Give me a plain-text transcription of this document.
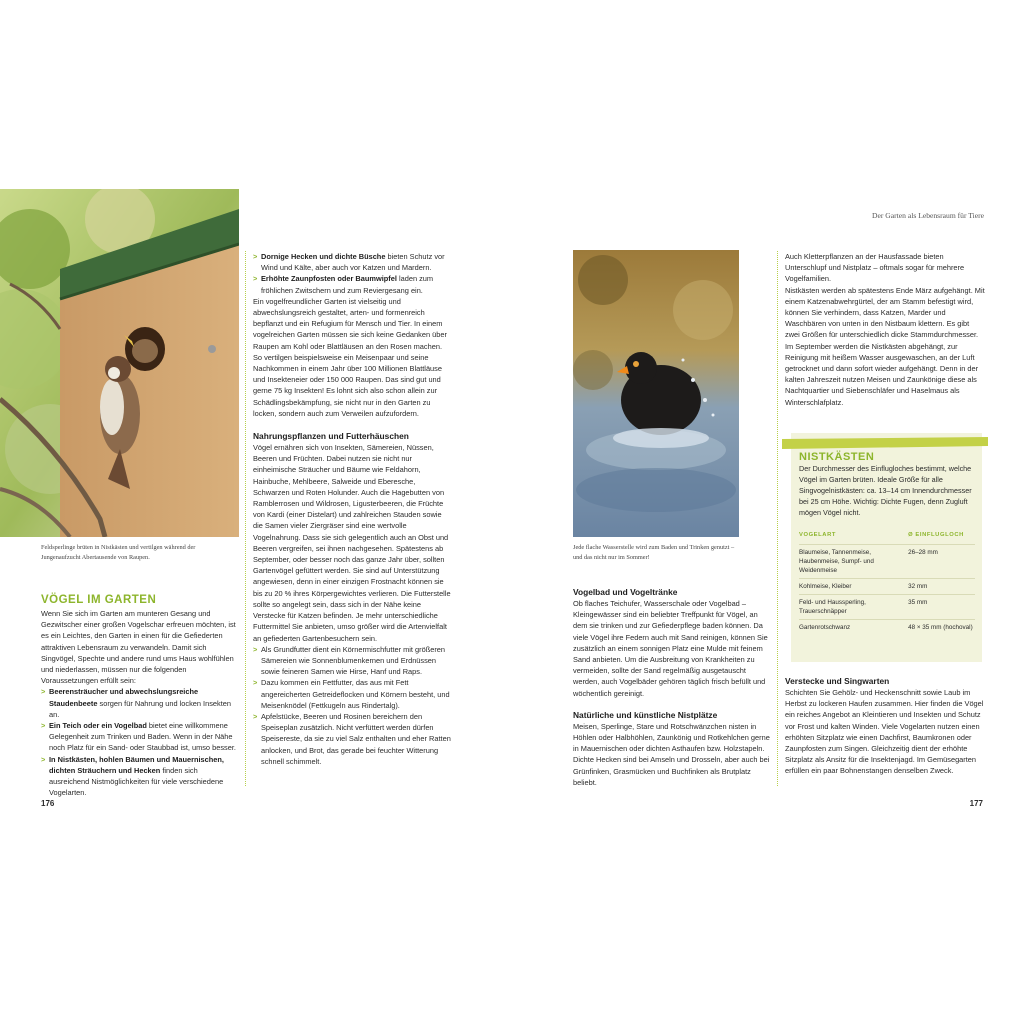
Feldsperlinge brüten in Nistkästen und vertilgen während der Jungenaufzucht Abertausende von Raupen.
VÖGEL IM GARTEN

Wenn Sie sich im Garten am munteren Gesang und Gezwitscher einer großen Vogelschar erfreuen möchten, ist es ein Leichtes, den Garten in einen für die Gefiederten attraktiven Lebensraum zu verwandeln. Damit sich Singvögel, Spechte und andere rund ums Haus wohlfühlen und niederlassen, müssen nur die folgenden Voraussetzungen erfüllt sein:

> Beerensträucher und abwechslungsreiche Staudenbeete sorgen für Nahrung und locken Insekten an.

> Ein Teich oder ein Vogelbad bietet eine willkommene Gelegenheit zum Trinken und Baden. Wenn in der Nähe noch Platz für ein Sand- oder Staubbad ist, umso besser.

> In Nistkästen, hohlen Bäumen und Mauernischen, dichten Sträuchern und Hecken finden sich ausreichend Nistmöglichkeiten für viele verschiedene Vogelarten.

> Dornige Hecken und dichte Büsche bieten Schutz vor Wind und Kälte, aber auch vor Katzen und Mardern.

> Erhöhte Zaunpfosten oder Baumwipfel laden zum fröhlichen Zwitschern und zum Reviergesang ein.

Ein vogelfreundlicher Garten ist vielseitig und abwechslungsreich gestaltet, arten- und formenreich bepflanzt und ein Refugium für Mensch und Tier. In einem vogelreichen Garten müssen sie sich keine Gedanken über Raupen am Kohl oder Blattläusen an den Rosen machen. So vertilgen beispielsweise ein Meisenpaar und seine Nachkommen in einem Jahr über 100 Millionen Blattläuse und Insekteneier oder 150 000 Raupen. Das sind gut und gerne 75 kg Insekten! Es lohnt sich also schon allein zur Schädlingsbekämpfung, sie nicht nur in den Garten zu locken, sondern auch zum Verweilen aufzufordern.

Nahrungspflanzen und Futterhäuschen

Vögel ernähren sich von Insekten, Sämereien, Nüssen, Beeren und Früchten. Dabei nutzen sie nicht nur einheimische Sträucher und Bäume wie Feldahorn, Hainbuche, Mehlbeere, Salweide und Eberesche, Schwarzen und Roten Holunder. Auch die Hagebutten von Ramblerrosen und Wildrosen, Ligusterbeeren, die Früchte von Kardi (einer Distelart) und zahlreichen Stauden sowie die Samen vieler Ziergräser sind eine wertvolle Vogelnahrung. Dass sie sich gelegentlich auch an Obst und Beeren vergreifen, sei ihnen nachgesehen. Spätestens ab September, oder besser noch das ganze Jahr über, sollten Gartenvögel gefüttert werden. Sie sind auf Unterstützung angewiesen, denn in einer einzigen Frostnacht können sie bis zu 20 % ihres Körpergewichtes verlieren. Die Futterstelle sollte so angelegt sein, dass sich in der Nähe keine Verstecke für Katzen befinden. Je mehr unterschiedliche Futtermittel Sie anbieten, umso größer wird die Artenvielfalt an gefiederten Gartenbesuchern sein.

> Als Grundfutter dient ein Körnermischfutter mit größeren Sämereien wie Sonnenblumenkernen und Erdnüssen sowie feineren Samen wie Hirse, Hanf und Raps.

> Dazu kommen ein Fettfutter, das aus mit Fett angereicherten Getreideflocken und Körnern besteht, und Meisenknödel (Fettkugeln aus Rindertalg).

> Apfelstücke, Beeren und Rosinen bereichern den Speiseplan zusätzlich. Nicht verfüttert werden dürfen Speisereste, da sie zu viel Salz enthalten und eher Ratten anlocken, und Brot, das gerade bei feuchter Witterung schnell schimmelt.

176
Der Garten als Lebensraum für Tiere
Jede flache Wasserstelle wird zum Baden und Trinken genutzt – und das nicht nur im Sommer!

Vogelbad und Vogeltränke

Ob flaches Teichufer, Wasserschale oder Vogelbad – Kleingewässer sind ein beliebter Treffpunkt für Vögel, an dem sie trinken und zur Gefiederpflege baden können. Da viele Vögel ihre Federn auch mit Sand reinigen, können Sie zusätzlich an einem sonnigen Platz eine Mulde mit feinem Sand anbieten. Um die Ausbreitung von Krankheiten zu vermeiden, sollte der Sand regelmäßig ausgetauscht werden, auch Vogelbäder gehören täglich frisch befüllt und wöchentlich gereinigt.

Natürliche und künstliche Nistplätze

Meisen, Sperlinge, Stare und Rotschwänzchen nisten in Höhlen oder Halbhöhlen, Zaunkönig und Rotkehlchen gerne in Mauernischen oder dichten Asthaufen bzw. Holzstapeln. Dichte Hecken sind bei Amseln und Drosseln, aber auch bei Grünfinken, Grasmücken und Buchfinken als Brutplatz beliebt.

Auch Kletterpflanzen an der Hausfassade bieten Unterschlupf und Nistplatz – oftmals sogar für mehrere Vogelfamilien.

Nistkästen werden ab spätestens Ende März aufgehängt. Mit einem Katzenabwehrgürtel, der am Stamm befestigt wird, können Sie verhindern, dass Katzen, Marder und Waschbären von unten in den Nistbaum klettern. Es gibt zwei Größen für unterschiedlich dicke Stammdurchmesser. Im September werden die Nistkästen abgehängt, zur Reinigung mit heißem Wasser ausgewaschen, an der Luft getrocknet und dann sofort wieder aufgehängt. Denn in der kalten Jahreszeit nutzen Meisen und Zaunkönige diese als Nachtquartier und Siebenschläfer und Haselmaus als Winterschlafplatz.

NISTKÄSTEN
Der Durchmesser des Einflugloches bestimmt, welche Vögel im Garten brüten. Ideale Größe für alle Singvogelnistkästen: ca. 13–14 cm Innendurchmesser bei 25 cm Höhe. Wichtig: Dichte Fugen, denn Zugluft mögen Vögel nicht.
VOGELART	Ø EINFLUGLOCH
Blaumeise, Tannenmeise, Haubenmeise, Sumpf- und Weidenmeise	26–28 mm
Kohlmeise, Kleiber	32 mm
Feld- und Haussperling, Trauerschnäpper	35 mm
Gartenrotschwanz	48 × 35 mm (hochoval)

Verstecke und Singwarten

Schichten Sie Gehölz- und Heckenschnitt sowie Laub im Herbst zu lockeren Haufen zusammen. Hier finden die Vögel ein reiches Angebot an Kleintieren und Insekten und Schutz vor Frost und kalten Winden. Viele Vogelarten nutzen einen erhöhten Sitzplatz wie einen Dachfirst, Baumkronen oder Zaunpfosten zum Singen. Gleichzeitig dient der erhöhte Sitzplatz als Ansitz für die Insektenjagd. Im Gemüsegarten erfüllen ein paar Bohnenstangen denselben Zweck.

177
